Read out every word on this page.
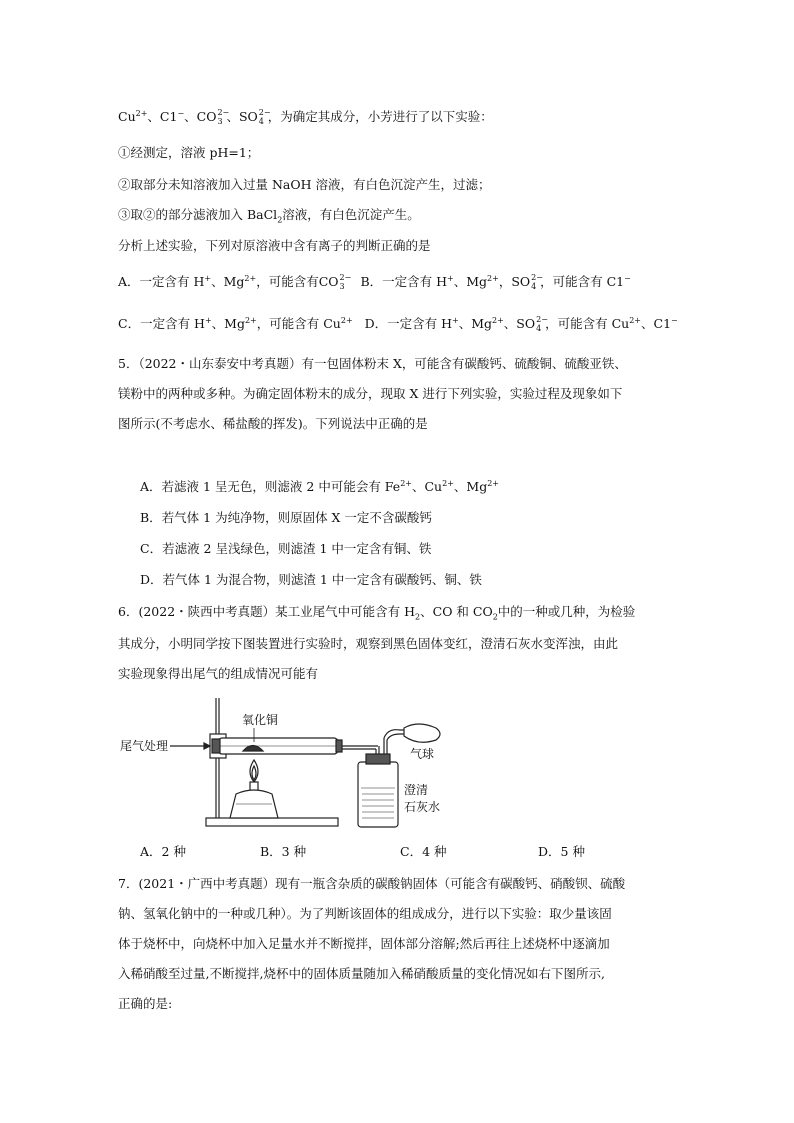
$Cu^{2+}$、C1−、CO 2−
3 、SO 2−
4 ，为确定其成分，小芳进行了以下实验：
①经测定，溶液 pH=1；
②取部分未知溶液加入过量 NaOH 溶液，有白色沉淀产生，过滤；
③取②的部分滤液加入 BaCl$_2$溶液，有白色沉淀产生。
分析上述实验，下列对原溶液中含有离子的判断正确的是
A．一定含有 H+、$Mg^{2+}$，可能含有CO 2−
3 B．一定含有 H+、$Mg^{2+}$，SO 2−
4 ，可能含有 C1−
C．一定含有 H+、$Mg^{2+}$，可能含有 $Cu^{2+}$ D．一定含有 H+、$Mg^{2+}$、SO 2−
4 ，可能含有 $Cu^{2+}$、C1−
5．（2022・山东泰安中考真题）有一包固体粉末 X，可能含有碳酸钙、硫酸铜、硫酸亚铁、
镁粉中的两种或多种。为确定固体粉末的成分，现取 X 进行下列实验，实验过程及现象如下
图所示(不考虑水、稀盐酸的挥发)。下列说法中正确的是
A．若滤液 1 呈无色，则滤液 2 中可能会有 $Fe^{2+}$、$Cu^{2+}$、$Mg^{2+}$
B．若气体 1 为纯净物，则原固体 X 一定不含碳酸钙
C．若滤液 2 呈浅绿色，则滤渣 1 中一定含有铜、铁
D．若气体 1 为混合物，则滤渣 1 中一定含有碳酸钙、铜、铁
6．(2022・陕西中考真题）某工业尾气中可能含有 $H_2$、CO 和 $CO_2$中的一种或几种，为检验
其成分，小明同学按下图装置进行实验时，观察到黑色固体变红，澄清石灰水变浑浊，由此
实验现象得出尾气的组成情况可能有
尾气处理
氧化铜
气球
澄清
石灰水
A．2 种	B．3 种	C．4 种	D．5 种
7．(2021・广西中考真题）现有一瓶含杂质的碳酸钠固体（可能含有碳酸钙、硝酸钡、硫酸
钠、氢氧化钠中的一种或几种）。为了判断该固体的组成成分，进行以下实验：取少量该固
体于烧杯中，向烧杯中加入足量水并不断搅拌，固体部分溶解;然后再往上述烧杯中逐滴加
入稀硝酸至过量,不断搅拌,烧杯中的固体质量随加入稀硝酸质量的变化情况如右下图所示,
正确的是:
